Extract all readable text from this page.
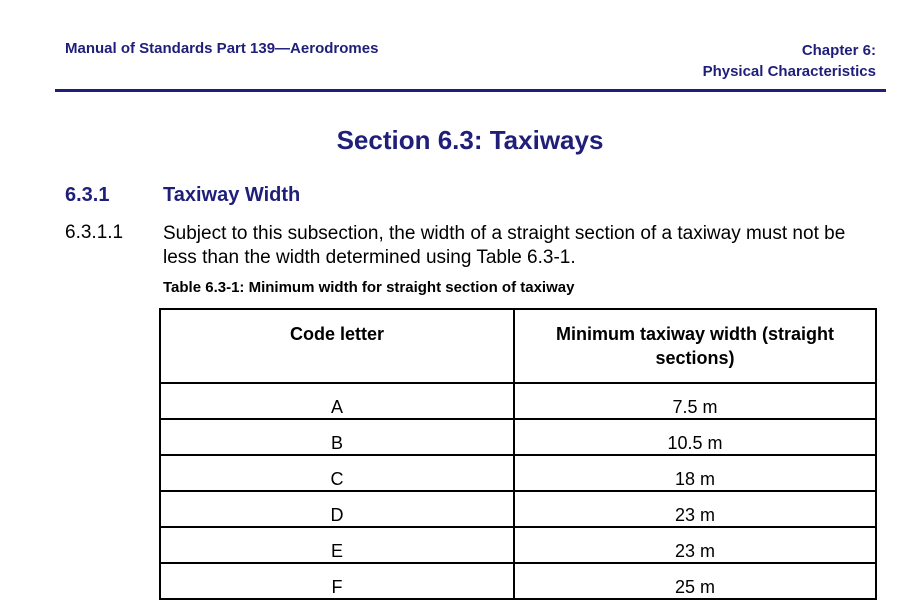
Manual of Standards Part 139—Aerodromes	Chapter 6:
Physical Characteristics
Section 6.3: Taxiways
6.3.1	Taxiway Width
6.3.1.1 Subject to this subsection, the width of a straight section of a taxiway must not be less than the width determined using Table 6.3-1.
Table 6.3-1: Minimum width for straight section of taxiway
Code letter	Minimum taxiway width (straight sections)
A	7.5 m
B	10.5 m
C	18 m
D	23 m
E	23 m
F	25 m
